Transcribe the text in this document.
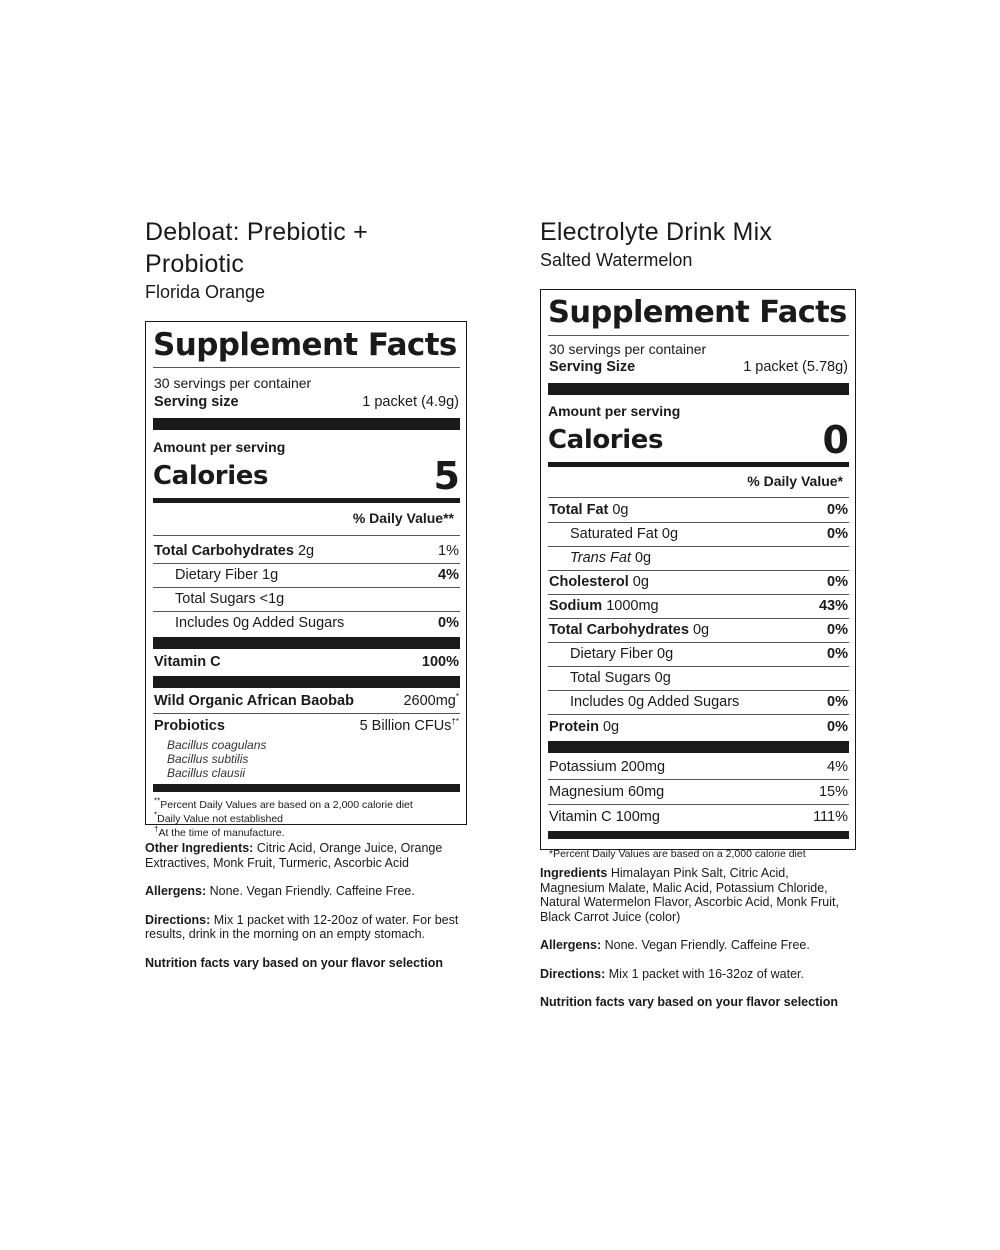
Debloat: Prebiotic + Probiotic
Florida Orange
Supplement Facts
30 servings per container
Serving size	1 packet (4.9g)
Amount per serving
Calories	5
% Daily Value**
Total Carbohydrates 2g	1%
Dietary Fiber 1g	4%
Total Sugars <1g
Includes 0g Added Sugars	0%
Vitamin C	100%
Wild Organic African Baobab	2600mg*
Probiotics	5 Billion CFUs†*
Bacillus coagulans
Bacillus subtilis
Bacillus clausii
**Percent Daily Values are based on a 2,000 calorie diet
*Daily Value not established
†At the time of manufacture.

Other Ingredients: Citric Acid, Orange Juice, Orange Extractives, Monk Fruit, Turmeric, Ascorbic Acid

Allergens: None. Vegan Friendly. Caffeine Free.

Directions: Mix 1 packet with 12-20oz of water. For best results, drink in the morning on an empty stomach.

Nutrition facts vary based on your flavor selection

Electrolyte Drink Mix
Salted Watermelon
Supplement Facts
30 servings per container
Serving Size	1 packet (5.78g)
Amount per serving
Calories	0
% Daily Value*
Total Fat 0g	0%
Saturated Fat 0g	0%
Trans Fat 0g
Cholesterol 0g	0%
Sodium 1000mg	43%
Total Carbohydrates 0g	0%
Dietary Fiber 0g	0%
Total Sugars 0g
Includes 0g Added Sugars	0%
Protein 0g	0%
Potassium 200mg	4%
Magnesium 60mg	15%
Vitamin C 100mg	111%
*Percent Daily Values are based on a 2,000 calorie diet

Ingredients Himalayan Pink Salt, Citric Acid, Magnesium Malate, Malic Acid, Potassium Chloride, Natural Watermelon Flavor, Ascorbic Acid, Monk Fruit, Black Carrot Juice (color)

Allergens: None. Vegan Friendly. Caffeine Free.

Directions: Mix 1 packet with 16-32oz of water.

Nutrition facts vary based on your flavor selection
